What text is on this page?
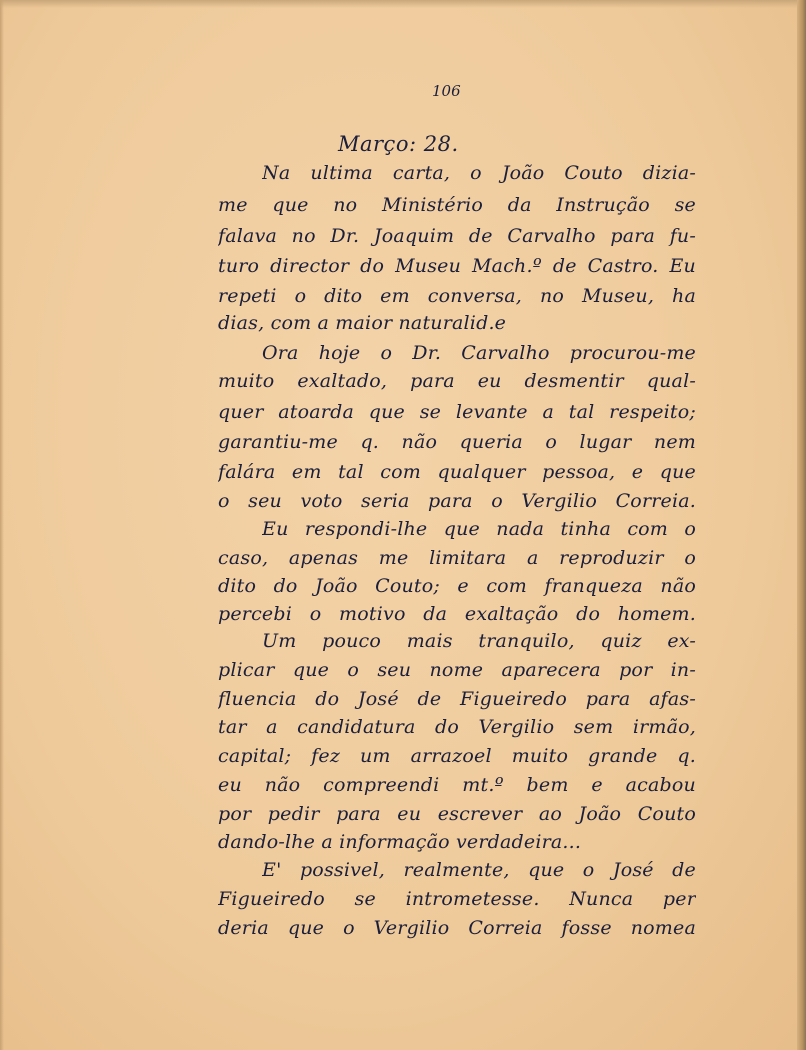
106
Março: 28.
Na ultima carta, o João Couto dizia-
me que no Ministério da Instrução se
falava no Dr. Joaquim de Carvalho para fu-
turo director do Museu Mach.º de Castro. Eu
repeti o dito em conversa, no Museu, ha
dias, com a maior naturalid.e
Ora hoje o Dr. Carvalho procurou-me
muito exaltado, para eu desmentir qual-
quer atoarda que se levante a tal respeito;
garantiu-me q. não queria o lugar nem
falára em tal com qualquer pessoa, e que
o seu voto seria para o Vergilio Correia.
Eu respondi-lhe que nada tinha com o
caso, apenas me limitara a reproduzir o
dito do João Couto; e com franqueza não
percebi o motivo da exaltação do homem.
Um pouco mais tranquilo, quiz ex-
plicar que o seu nome aparecera por in-
fluencia do José de Figueiredo para afas-
tar a candidatura do Vergilio sem irmão,
capital; fez um arrazoel muito grande q.
eu não compreendi mt.º bem e acabou
por pedir para eu escrever ao João Couto
dando-lhe a informação verdadeira...
E' possivel, realmente, que o José de
Figueiredo se intrometesse. Nunca per
deria que o Vergilio Correia fosse nomea
